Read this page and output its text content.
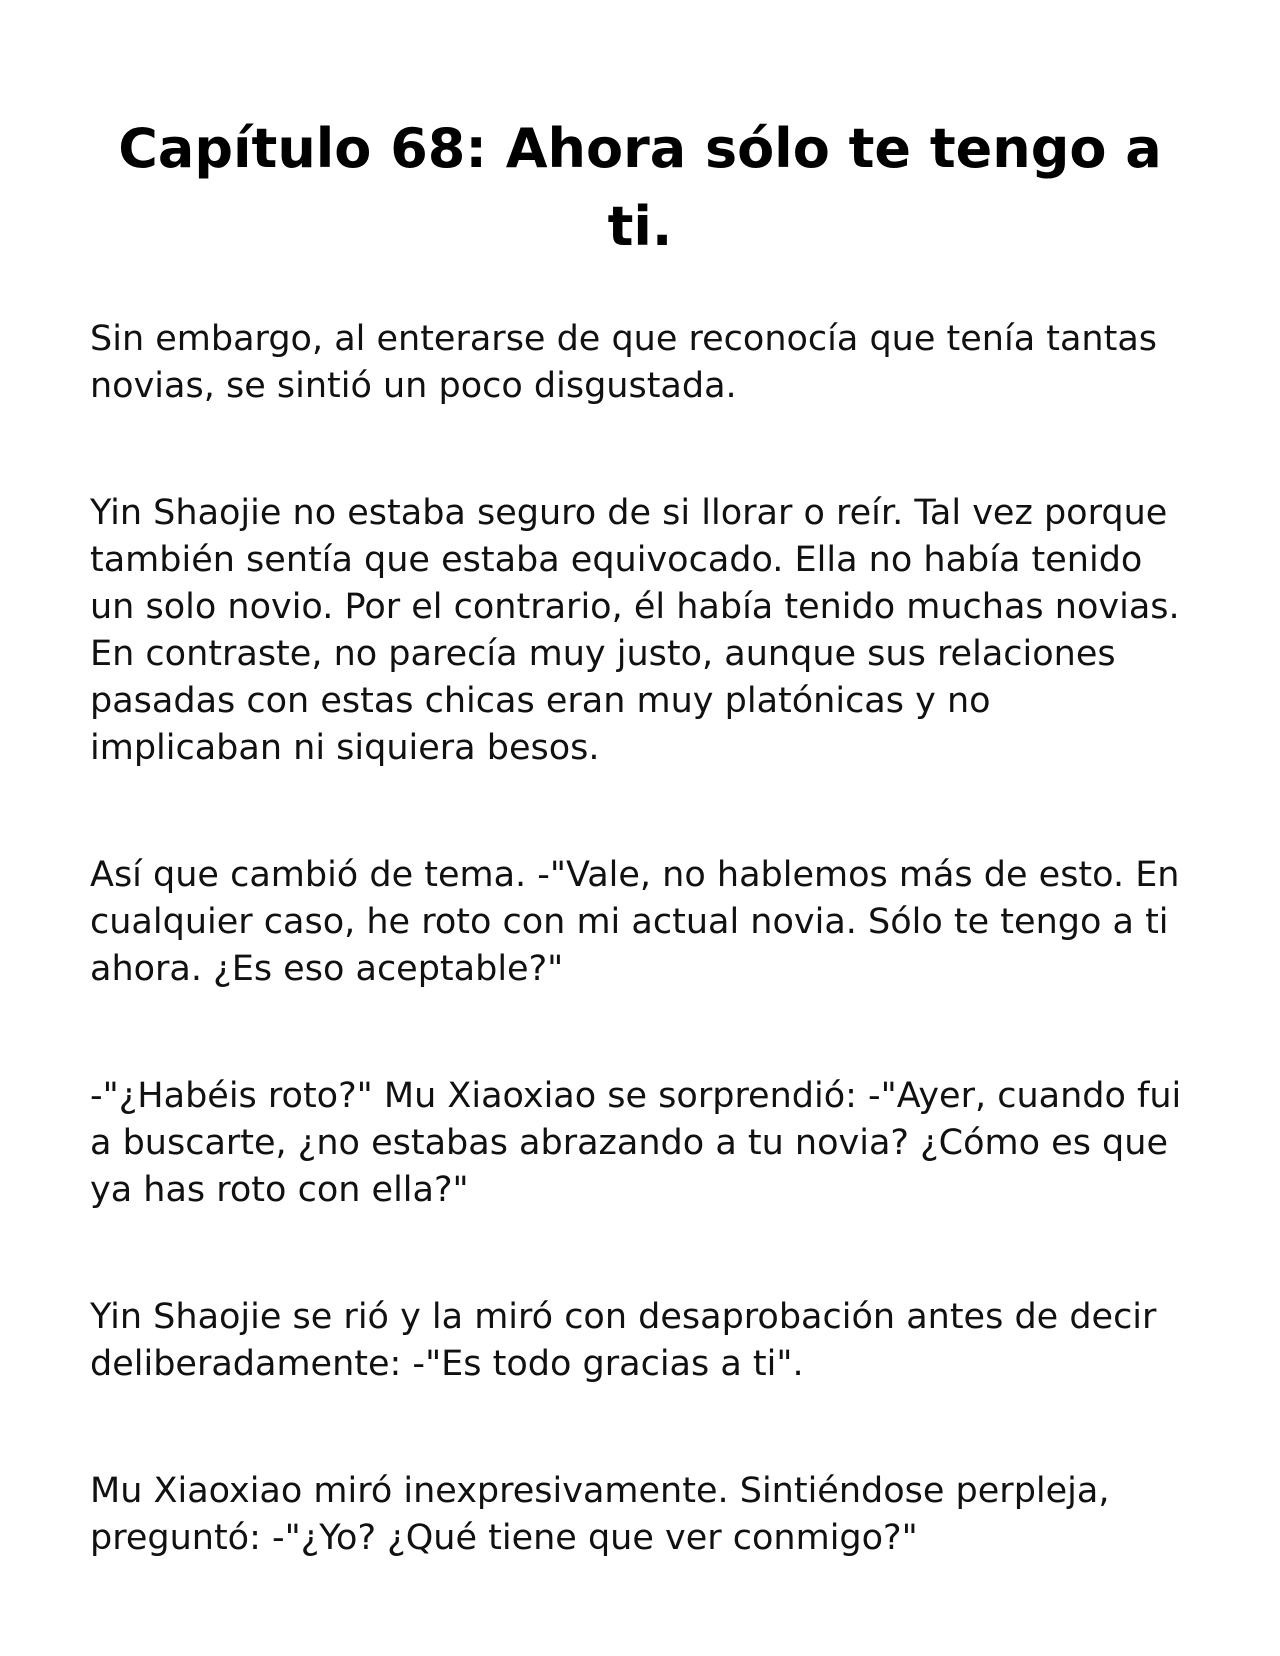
Capítulo 68: Ahora sólo te tengo a ti.

Sin embargo, al enterarse de que reconocía que tenía tantas novias, se sintió un poco disgustada.

Yin Shaojie no estaba seguro de si llorar o reír. Tal vez porque también sentía que estaba equivocado. Ella no había tenido un solo novio. Por el contrario, él había tenido muchas novias. En contraste, no parecía muy justo, aunque sus relaciones pasadas con estas chicas eran muy platónicas y no implicaban ni siquiera besos.

Así que cambió de tema. -"Vale, no hablemos más de esto. En cualquier caso, he roto con mi actual novia. Sólo te tengo a ti ahora. ¿Es eso aceptable?"

-"¿Habéis roto?" Mu Xiaoxiao se sorprendió: -"Ayer, cuando fui a buscarte, ¿no estabas abrazando a tu novia? ¿Cómo es que ya has roto con ella?"

Yin Shaojie se rió y la miró con desaprobación antes de decir deliberadamente: -"Es todo gracias a ti".

Mu Xiaoxiao miró inexpresivamente. Sintiéndose perpleja, preguntó: -"¿Yo? ¿Qué tiene que ver conmigo?"
